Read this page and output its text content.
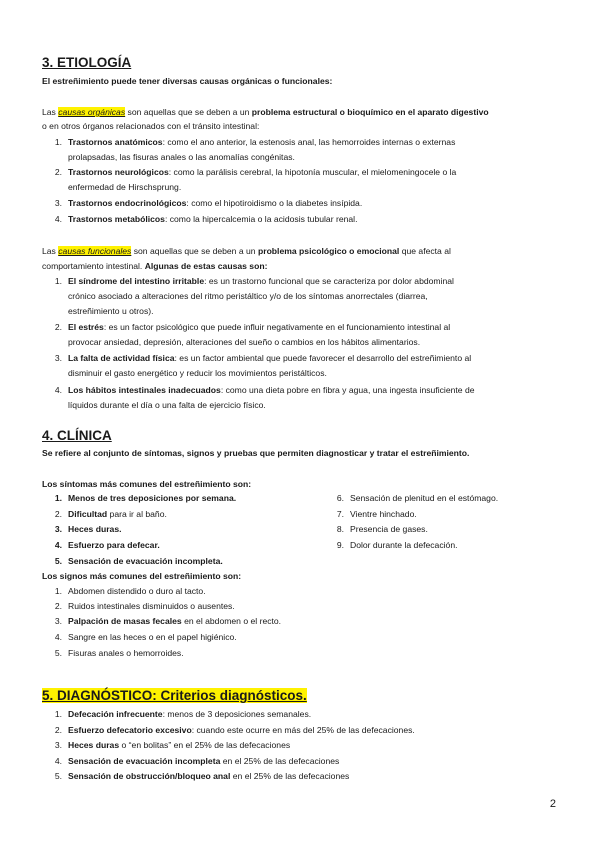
3. ETIOLOGÍA
El estreñimiento puede tener diversas causas orgánicas o funcionales:
Las causas orgánicas son aquellas que se deben a un problema estructural o bioquímico en el aparato digestivo
o en otros órganos relacionados con el tránsito intestinal:
1. Trastornos anatómicos: como el ano anterior, la estenosis anal, las hemorroides internas o externas
prolapsadas, las fisuras anales o las anomalías congénitas.
2. Trastornos neurológicos: como la parálisis cerebral, la hipotonía muscular, el mielomeningocele o la
enfermedad de Hirschsprung.
3. Trastornos endocrinológicos: como el hipotiroidismo o la diabetes insípida.
4. Trastornos metabólicos: como la hipercalcemia o la acidosis tubular renal.
Las causas funcionales son aquellas que se deben a un problema psicológico o emocional que afecta al
comportamiento intestinal. Algunas de estas causas son:
1. El síndrome del intestino irritable: es un trastorno funcional que se caracteriza por dolor abdominal
crónico asociado a alteraciones del ritmo peristáltico y/o de los síntomas anorrectales (diarrea,
estreñimiento u otros).
2. El estrés: es un factor psicológico que puede influir negativamente en el funcionamiento intestinal al
provocar ansiedad, depresión, alteraciones del sueño o cambios en los hábitos alimentarios.
3. La falta de actividad física: es un factor ambiental que puede favorecer el desarrollo del estreñimiento al
disminuir el gasto energético y reducir los movimientos peristálticos.
4. Los hábitos intestinales inadecuados: como una dieta pobre en fibra y agua, una ingesta insuficiente de
líquidos durante el día o una falta de ejercicio físico.
4. CLÍNICA
Se refiere al conjunto de síntomas, signos y pruebas que permiten diagnosticar y tratar el estreñimiento.
Los síntomas más comunes del estreñimiento son:
1. Menos de tres deposiciones por semana.
2. Dificultad para ir al baño.
3. Heces duras.
4. Esfuerzo para defecar.
5. Sensación de evacuación incompleta.
6. Sensación de plenitud en el estómago.
7. Vientre hinchado.
8. Presencia de gases.
9. Dolor durante la defecación.
Los signos más comunes del estreñimiento son:
1. Abdomen distendido o duro al tacto.
2. Ruidos intestinales disminuidos o ausentes.
3. Palpación de masas fecales en el abdomen o el recto.
4. Sangre en las heces o en el papel higiénico.
5. Fisuras anales o hemorroides.
5. DIAGNÓSTICO: Criterios diagnósticos.
1. Defecación infrecuente: menos de 3 deposiciones semanales.
2. Esfuerzo defecatorio excesivo: cuando este ocurre en más del 25% de las defecaciones.
3. Heces duras o “en bolitas” en el 25% de las defecaciones
4. Sensación de evacuación incompleta en el 25% de las defecaciones
5. Sensación de obstrucción/bloqueo anal en el 25% de las defecaciones
2
